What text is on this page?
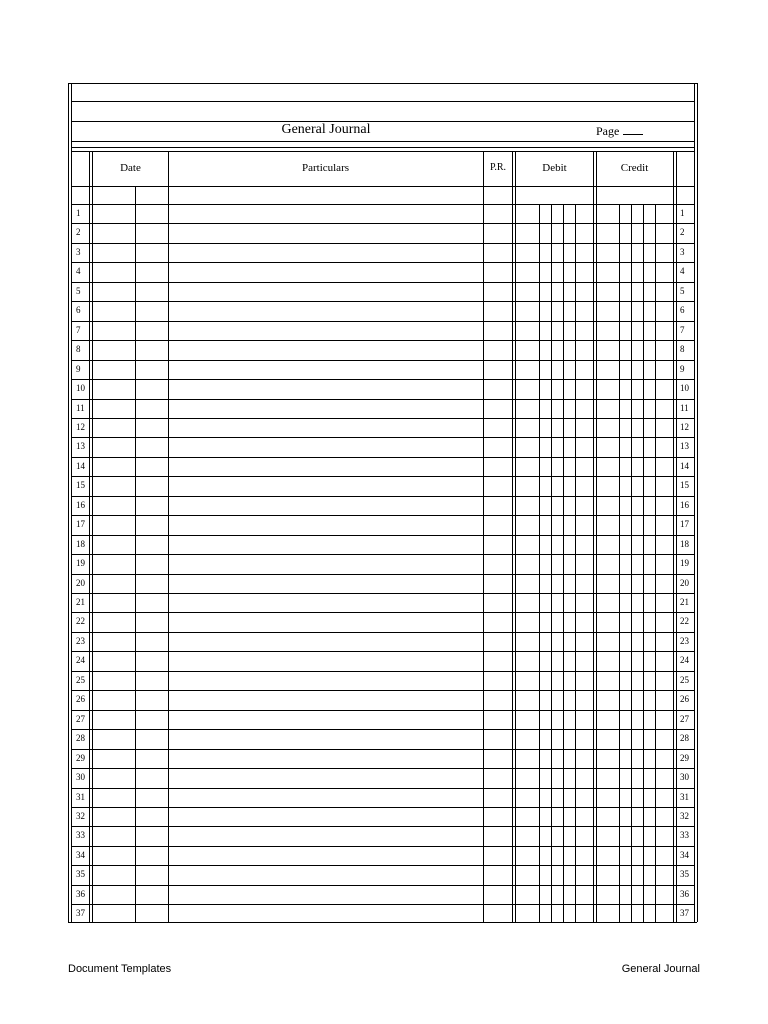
General Journal	Page
Date	Particulars	P.R.	Debit	Credit
1	1
2	2
3	3
4	4
5	5
6	6
7	7
8	8
9	9
10	10
11	11
12	12
13	13
14	14
15	15
16	16
17	17
18	18
19	19
20	20
21	21
22	22
23	23
24	24
25	25
26	26
27	27
28	28
29	29
30	30
31	31
32	32
33	33
34	34
35	35
36	36
37	37
Document Templates	General Journal
